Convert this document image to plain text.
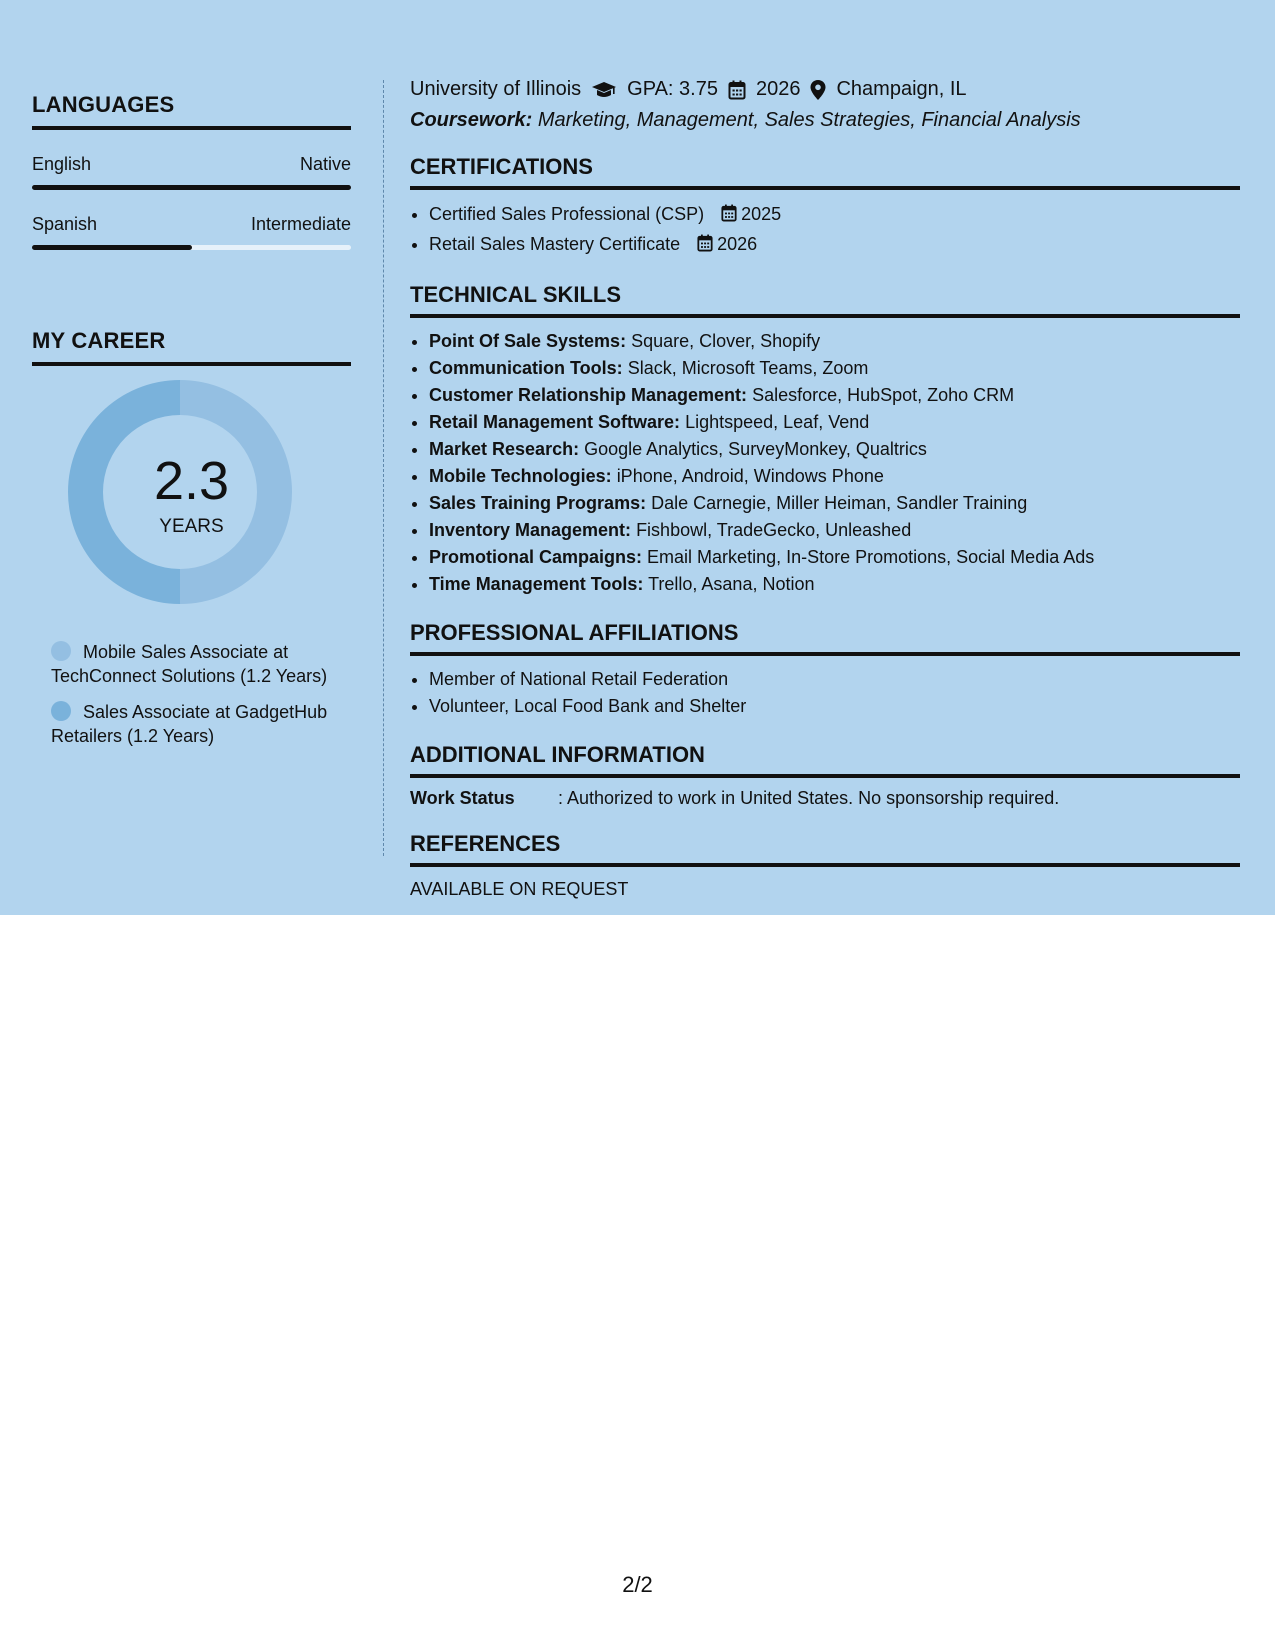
LANGUAGES
English	Native
Spanish	Intermediate
MY CAREER
2.3
YEARS
Mobile Sales Associate at TechConnect Solutions (1.2 Years)
Sales Associate at GadgetHub Retailers (1.2 Years)
University of Illinois GPA: 3.75 2026 Champaign, IL
Coursework: Marketing, Management, Sales Strategies, Financial Analysis
CERTIFICATIONS
• Certified Sales Professional (CSP) 2025
• Retail Sales Mastery Certificate 2026
TECHNICAL SKILLS
• Point Of Sale Systems: Square, Clover, Shopify
• Communication Tools: Slack, Microsoft Teams, Zoom
• Customer Relationship Management: Salesforce, HubSpot, Zoho CRM
• Retail Management Software: Lightspeed, Leaf, Vend
• Market Research: Google Analytics, SurveyMonkey, Qualtrics
• Mobile Technologies: iPhone, Android, Windows Phone
• Sales Training Programs: Dale Carnegie, Miller Heiman, Sandler Training
• Inventory Management: Fishbowl, TradeGecko, Unleashed
• Promotional Campaigns: Email Marketing, In-Store Promotions, Social Media Ads
• Time Management Tools: Trello, Asana, Notion
PROFESSIONAL AFFILIATIONS
• Member of National Retail Federation
• Volunteer, Local Food Bank and Shelter
ADDITIONAL INFORMATION
Work Status	: Authorized to work in United States. No sponsorship required.
REFERENCES
AVAILABLE ON REQUEST
2/2
